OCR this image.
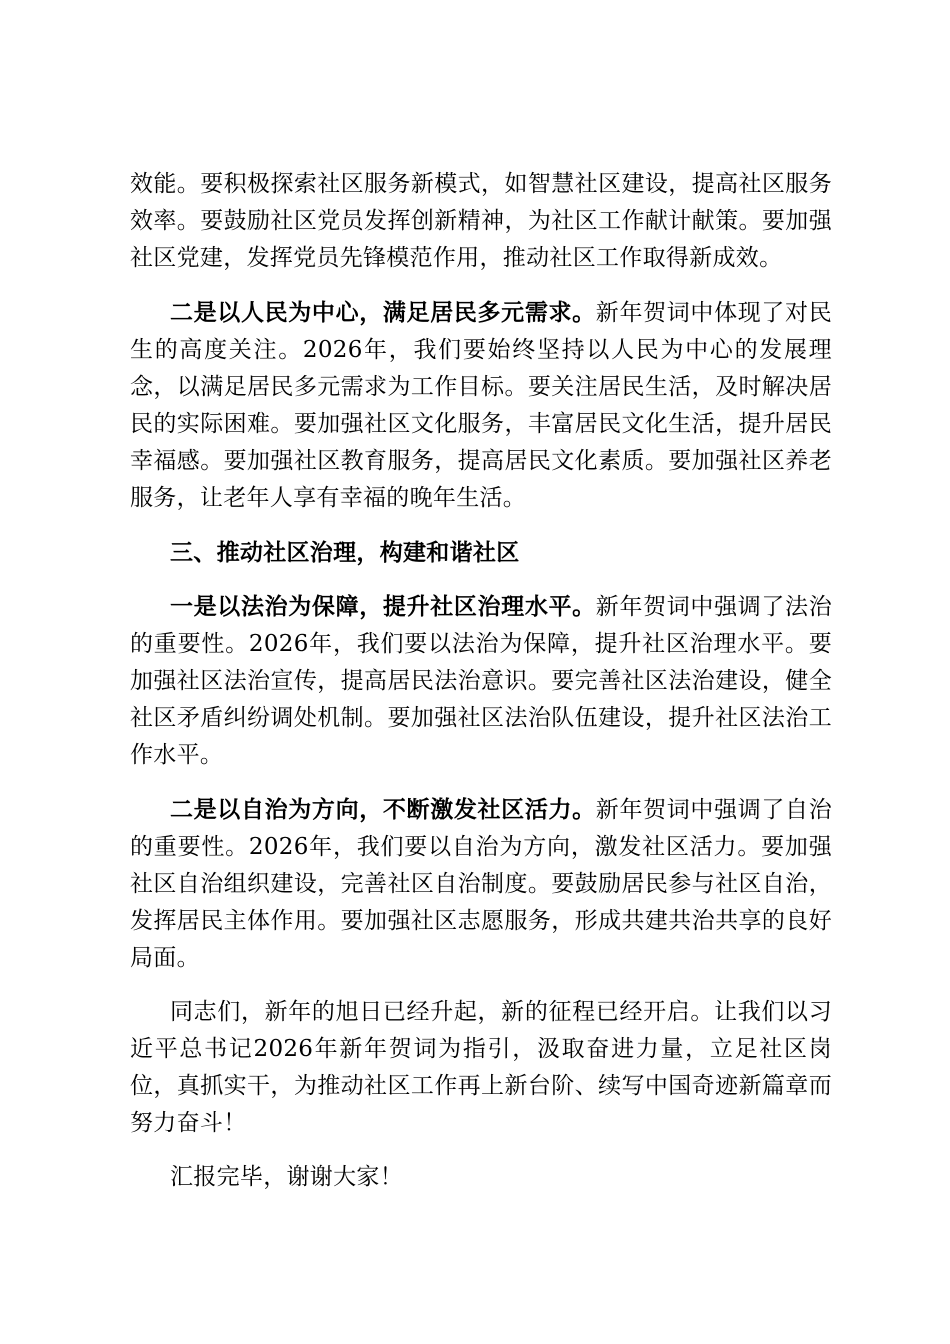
效能。要积极探索社区服务新模式，如智慧社区建设，提高社区服务效率。要鼓励社区党员发挥创新精神，为社区工作献计献策。要加强社区党建，发挥党员先锋模范作用，推动社区工作取得新成效。

二是以人民为中心，满足居民多元需求。新年贺词中体现了对民生的高度关注。2026年，我们要始终坚持以人民为中心的发展理念，以满足居民多元需求为工作目标。要关注居民生活，及时解决居民的实际困难。要加强社区文化服务，丰富居民文化生活，提升居民幸福感。要加强社区教育服务，提高居民文化素质。要加强社区养老服务，让老年人享有幸福的晚年生活。

三、推动社区治理，构建和谐社区

一是以法治为保障，提升社区治理水平。新年贺词中强调了法治的重要性。2026年，我们要以法治为保障，提升社区治理水平。要加强社区法治宣传，提高居民法治意识。要完善社区法治建设，健全社区矛盾纠纷调处机制。要加强社区法治队伍建设，提升社区法治工作水平。

二是以自治为方向，不断激发社区活力。新年贺词中强调了自治的重要性。2026年，我们要以自治为方向，激发社区活力。要加强社区自治组织建设，完善社区自治制度。要鼓励居民参与社区自治，发挥居民主体作用。要加强社区志愿服务，形成共建共治共享的良好局面。

同志们，新年的旭日已经升起，新的征程已经开启。让我们以习近平总书记2026年新年贺词为指引，汲取奋进力量，立足社区岗位，真抓实干，为推动社区工作再上新台阶、续写中国奇迹新篇章而努力奋斗！

汇报完毕，谢谢大家！
